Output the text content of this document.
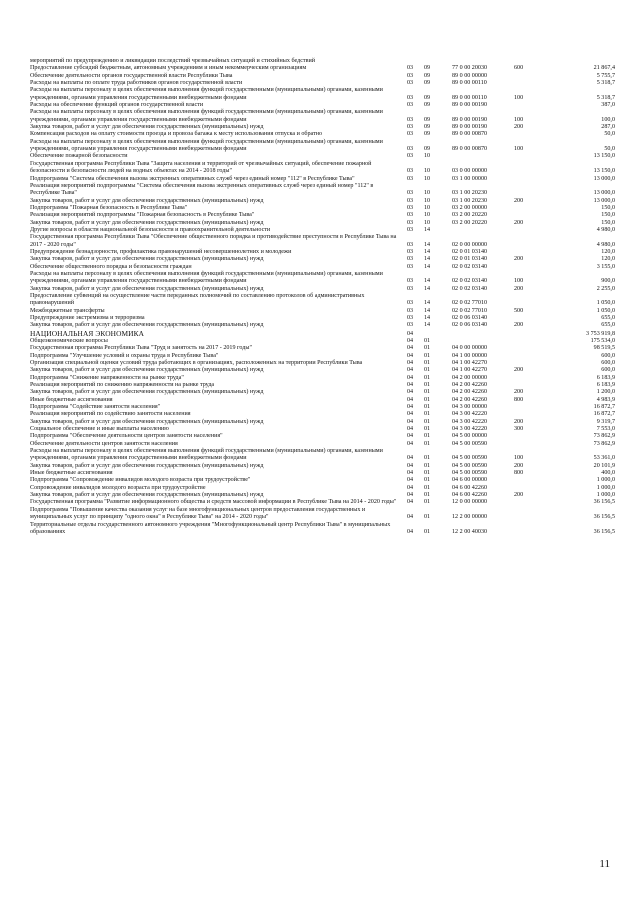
мероприятий по предупреждению и ликвидации последствий чрезвычайных ситуаций и стихийных бедствий					
Предоставление субсидий бюджетным, автономным учреждениям и иным некоммерческим организациям	03	09	77 0 00 20030	600	21 867,4
Обеспечение деятельности органов государственной власти Республики Тыва	03	09	89 0 00 00000		5 755,7
Расходы на выплаты по оплате труда работников органов государственной власти	03	09	89 0 00 00110		5 318,7
Расходы на выплаты персоналу в целях обеспечения выполнения функций государственными (муниципальными) органами, казенными учреждениями, органами управления государственными внебюджетными фондами	03	09	89 0 00 00110	100	5 318,7
Расходы на обеспечение функций органов государственной власти	03	09	89 0 00 00190		387,0
Расходы на выплаты персоналу в целях обеспечения выполнения функций государственными (муниципальными) органами, казенными учреждениями, органами управления государственными внебюджетными фондами	03	09	89 0 00 00190	100	100,0
Закупка товаров, работ и услуг для обеспечения государственных (муниципальных) нужд	03	09	89 0 00 00190	200	287,0
Компенсация расходов на оплату стоимости проезда и провоза багажа к месту использования отпуска и обратно	03	09	89 0 00 00870		50,0
Расходы на выплаты персоналу в целях обеспечения выполнения функций государственными (муниципальными) органами, казенными учреждениями, органами управления государственными внебюджетными фондами	03	09	89 0 00 00870	100	50,0
Обеспечение пожарной безопасности	03	10			13 150,0
Государственная программа Республики Тыва "Защита населения и территорий от чрезвычайных ситуаций, обеспечение пожарной безопасности и безопасности людей на водных объектах на 2014 - 2018 годы"	03	10	03 0 00 00000		13 150,0
Подпрограмма "Система обеспечения вызова экстренных оперативных служб через единый номер "112" в Республике Тыва"	03	10	03 1 00 00000		13 000,0
Реализация мероприятий подпрограммы "Система обеспечения вызова экстренных оперативных служб через единый номер "112" в Республике Тыва"	03	10	03 1 00 20230		13 000,0
Закупка товаров, работ и услуг для обеспечения государственных (муниципальных) нужд	03	10	03 1 00 20230	200	13 000,0
Подпрограмма "Пожарная безопасность в Республике Тыва"	03	10	03 2 00 00000		150,0
Реализация мероприятий подпрограммы "Пожарная безопасность в Республике Тыва"	03	10	03 2 00 20220		150,0
Закупка товаров, работ и услуг для обеспечения государственных (муниципальных) нужд	03	10	03 2 00 20220	200	150,0
Другие вопросы в области национальной безопасности и правоохранительной деятельности	03	14			4 980,0
Государственная программа Республики Тыва "Обеспечение общественного порядка и противодействие преступности в Республике Тыва на 2017 - 2020 годы"	03	14	02 0 00 00000		4 980,0
Предупреждение безнадзорности, профилактика правонарушений несовершеннолетних и молодежи	03	14	02 0 01 03140		120,0
Закупка товаров, работ и услуг для обеспечения государственных (муниципальных) нужд	03	14	02 0 01 03140	200	120,0
Обеспечение общественного порядка и безопасности граждан	03	14	02 0 02 03140		3 155,0
Расходы на выплаты персоналу в целях обеспечения выполнения функций государственными (муниципальными) органами, казенными учреждениями, органами управления государственными внебюджетными фондами	03	14	02 0 02 03140	100	900,0
Закупка товаров, работ и услуг для обеспечения государственных (муниципальных) нужд	03	14	02 0 02 03140	200	2 255,0
Предоставление субвенций на осуществление части переданных полномочий по составлению протоколов об административных правонарушений	03	14	02 0 02 77010		1 050,0
Межбюджетные трансферты	03	14	02 0 02 77010	500	1 050,0
Предупреждение экстремизма и терроризма	03	14	02 0 06 03140		655,0
Закупка товаров, работ и услуг для обеспечения государственных (муниципальных) нужд	03	14	02 0 06 03140	200	655,0
НАЦИОНАЛЬНАЯ ЭКОНОМИКА	04				3 753 919,8
Общеэкономические вопросы	04	01			175 534,0
Государственная программа Республики Тыва "Труд и занятость на 2017 - 2019 годы"	04	01	04 0 00 00000		98 519,5
Подпрограмма "Улучшение условий и охраны труда в Республике Тыва"	04	01	04 1 00 00000		600,0
Организация специальной оценки условий труда работающих в организациях, расположенных на территории Республики Тыва	04	01	04 1 00 42270		600,0
Закупка товаров, работ и услуг для обеспечения государственных (муниципальных) нужд	04	01	04 1 00 42270	200	600,0
Подпрограмма "Снижение напряженности на рынке труда"	04	01	04 2 00 00000		6 183,9
Реализация мероприятий по снижению напряженности на рынке труда	04	01	04 2 00 42260		6 183,9
Закупка товаров, работ и услуг для обеспечения государственных (муниципальных) нужд	04	01	04 2 00 42260	200	1 200,0
Иные бюджетные ассигнования	04	01	04 2 00 42260	800	4 983,9
Подпрограмма "Содействие занятости населения"	04	01	04 3 00 00000		16 872,7
Реализация мероприятий по содействию занятости населения	04	01	04 3 00 42220		16 872,7
Закупка товаров, работ и услуг для обеспечения государственных (муниципальных) нужд	04	01	04 3 00 42220	200	9 319,7
Социальное обеспечение и иные выплаты населению	04	01	04 3 00 42220	300	7 553,0
Подпрограмма "Обеспечение деятельности центров занятости населения"	04	01	04 5 00 00000		73 862,9
Обеспечение деятельности центров занятости населения	04	01	04 5 00 00590		73 862,9
Расходы на выплаты персоналу в целях обеспечения выполнения функций государственными (муниципальными) органами, казенными учреждениями, органами управления государственными внебюджетными фондами	04	01	04 5 00 00590	100	53 361,0
Закупка товаров, работ и услуг для обеспечения государственных (муниципальных) нужд	04	01	04 5 00 00590	200	20 101,9
Иные бюджетные ассигнования	04	01	04 5 00 00590	800	400,0
Подпрограмма "Сопровождение инвалидов молодого возраста при трудоустройстве"	04	01	04 6 00 00000		1 000,0
Сопровождение инвалидов молодого возраста при трудоустройстве	04	01	04 6 00 42260		1 000,0
Закупка товаров, работ и услуг для обеспечения государственных (муниципальных) нужд	04	01	04 6 00 42260	200	1 000,0
Государственная программа "Развитие информационного общества и средств массовой информации в Республике Тыва на 2014 - 2020 годы"	04	01	12 0 00 00000		36 156,5
Подпрограмма "Повышение качества оказания услуг на базе многофункциональных центров предоставления государственных и муниципальных услуг по принципу "одного окна" в Республике Тыва" на 2014 - 2020 годы"	04	01	12 2 00 00000		36 156,5
Территориальные отделы государственного автономного учреждения "Многофункциональный центр Республики Тыва" в муниципальных образованиях	04	01	12 2 00 40030		36 156,5
11
